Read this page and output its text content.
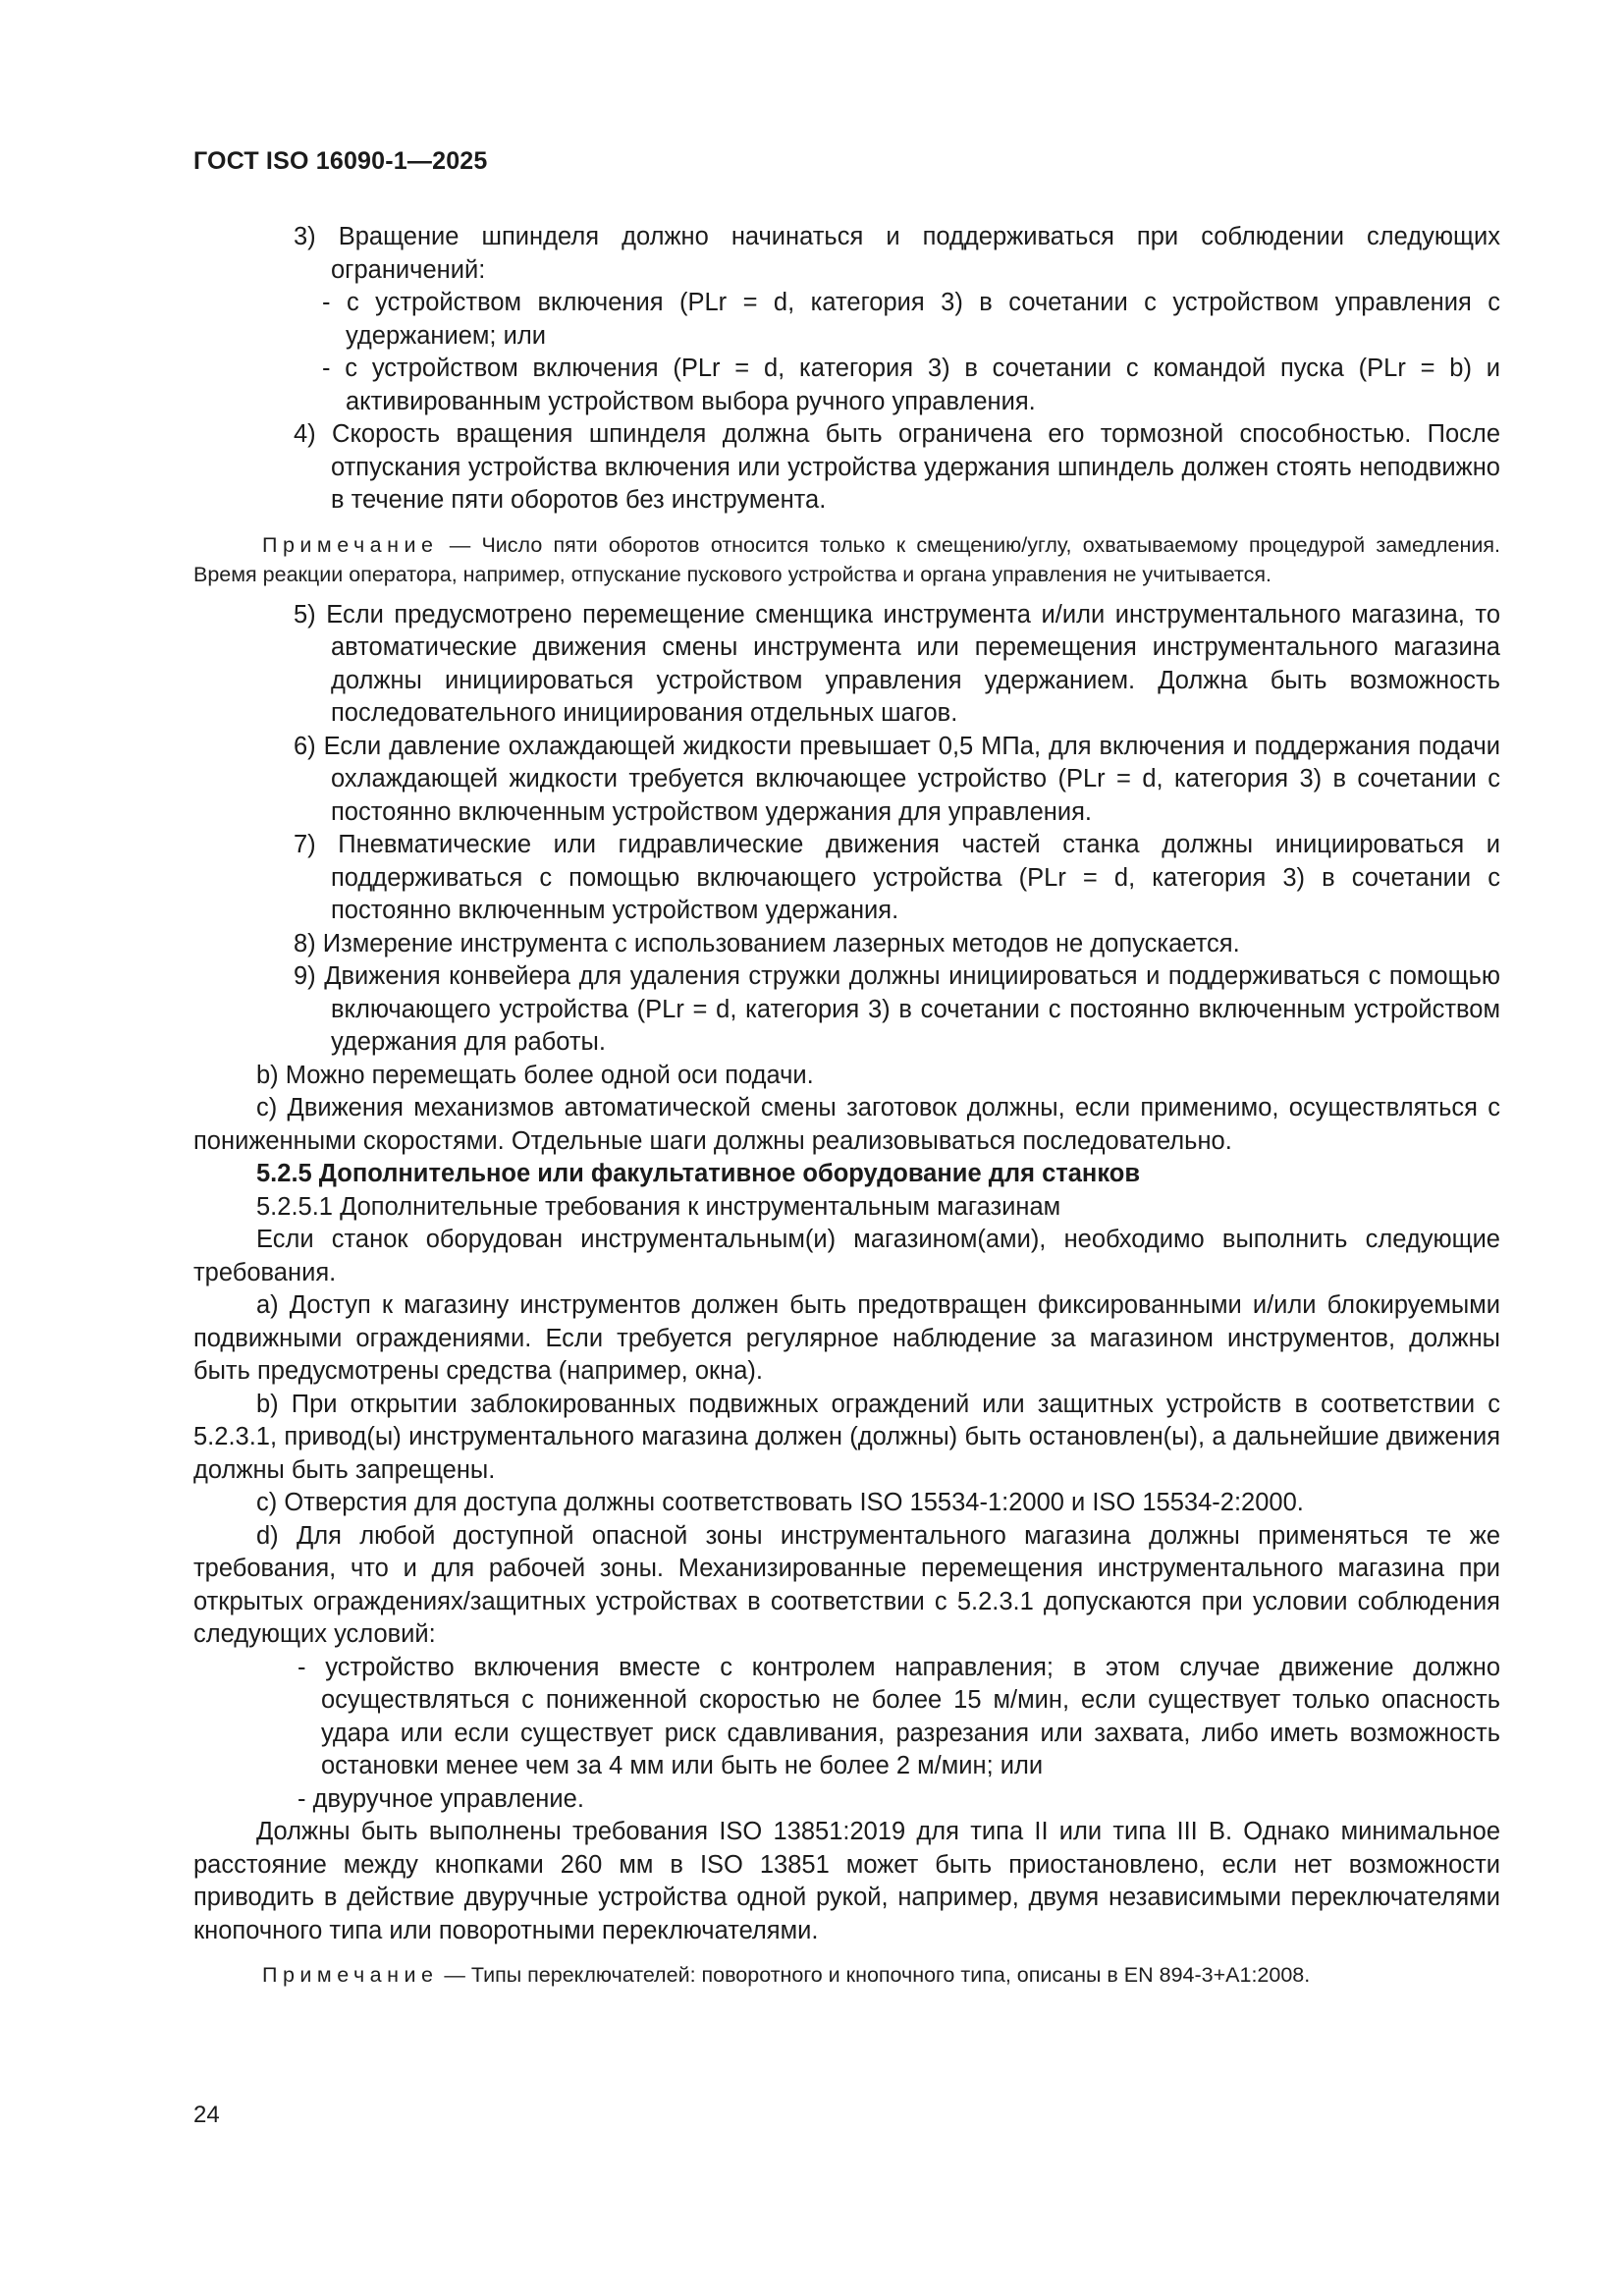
ГОСТ ISO 16090-1—2025

3) Вращение шпинделя должно начинаться и поддерживаться при соблюдении следующих ограничений:

- с устройством включения (PLr = d, категория 3) в сочетании с устройством управления с удержанием; или

- с устройством включения (PLr = d, категория 3) в сочетании с командой пуска (PLr = b) и активированным устройством выбора ручного управления.

4) Скорость вращения шпинделя должна быть ограничена его тормозной способностью. После отпускания устройства включения или устройства удержания шпиндель должен стоять неподвижно в течение пяти оборотов без инструмента.

Примечание — Число пяти оборотов относится только к смещению/углу, охватываемому процедурой замедления. Время реакции оператора, например, отпускание пускового устройства и органа управления не учитывается.

5) Если предусмотрено перемещение сменщика инструмента и/или инструментального магазина, то автоматические движения смены инструмента или перемещения инструментального магазина должны инициироваться устройством управления удержанием. Должна быть возможность последовательного инициирования отдельных шагов.

6) Если давление охлаждающей жидкости превышает 0,5 МПа, для включения и поддержания подачи охлаждающей жидкости требуется включающее устройство (PLr = d, категория 3) в сочетании с постоянно включенным устройством удержания для управления.

7) Пневматические или гидравлические движения частей станка должны инициироваться и поддерживаться с помощью включающего устройства (PLr = d, категория 3) в сочетании с постоянно включенным устройством удержания.

8) Измерение инструмента с использованием лазерных методов не допускается.

9) Движения конвейера для удаления стружки должны инициироваться и поддерживаться с помощью включающего устройства (PLr = d, категория 3) в сочетании с постоянно включенным устройством удержания для работы.

b) Можно перемещать более одной оси подачи.

c) Движения механизмов автоматической смены заготовок должны, если применимо, осуществляться с пониженными скоростями. Отдельные шаги должны реализовываться последовательно.

5.2.5 Дополнительное или факультативное оборудование для станков

5.2.5.1 Дополнительные требования к инструментальным магазинам

Если станок оборудован инструментальным(и) магазином(ами), необходимо выполнить следующие требования.

a) Доступ к магазину инструментов должен быть предотвращен фиксированными и/или блокируемыми подвижными ограждениями. Если требуется регулярное наблюдение за магазином инструментов, должны быть предусмотрены средства (например, окна).

b) При открытии заблокированных подвижных ограждений или защитных устройств в соответствии с 5.2.3.1, привод(ы) инструментального магазина должен (должны) быть остановлен(ы), а дальнейшие движения должны быть запрещены.

c) Отверстия для доступа должны соответствовать ISO 15534-1:2000 и ISO 15534-2:2000.

d) Для любой доступной опасной зоны инструментального магазина должны применяться те же требования, что и для рабочей зоны. Механизированные перемещения инструментального магазина при открытых ограждениях/защитных устройствах в соответствии с 5.2.3.1 допускаются при условии соблюдения следующих условий:

- устройство включения вместе с контролем направления; в этом случае движение должно осуществляться с пониженной скоростью не более 15 м/мин, если существует только опасность удара или если существует риск сдавливания, разрезания или захвата, либо иметь возможность остановки менее чем за 4 мм или быть не более 2 м/мин; или

- двуручное управление.

Должны быть выполнены требования ISO 13851:2019 для типа II или типа III B. Однако минимальное расстояние между кнопками 260 мм в ISO 13851 может быть приостановлено, если нет возможности приводить в действие двуручные устройства одной рукой, например, двумя независимыми переключателями кнопочного типа или поворотными переключателями.

Примечание — Типы переключателей: поворотного и кнопочного типа, описаны в EN 894-3+A1:2008.

24
